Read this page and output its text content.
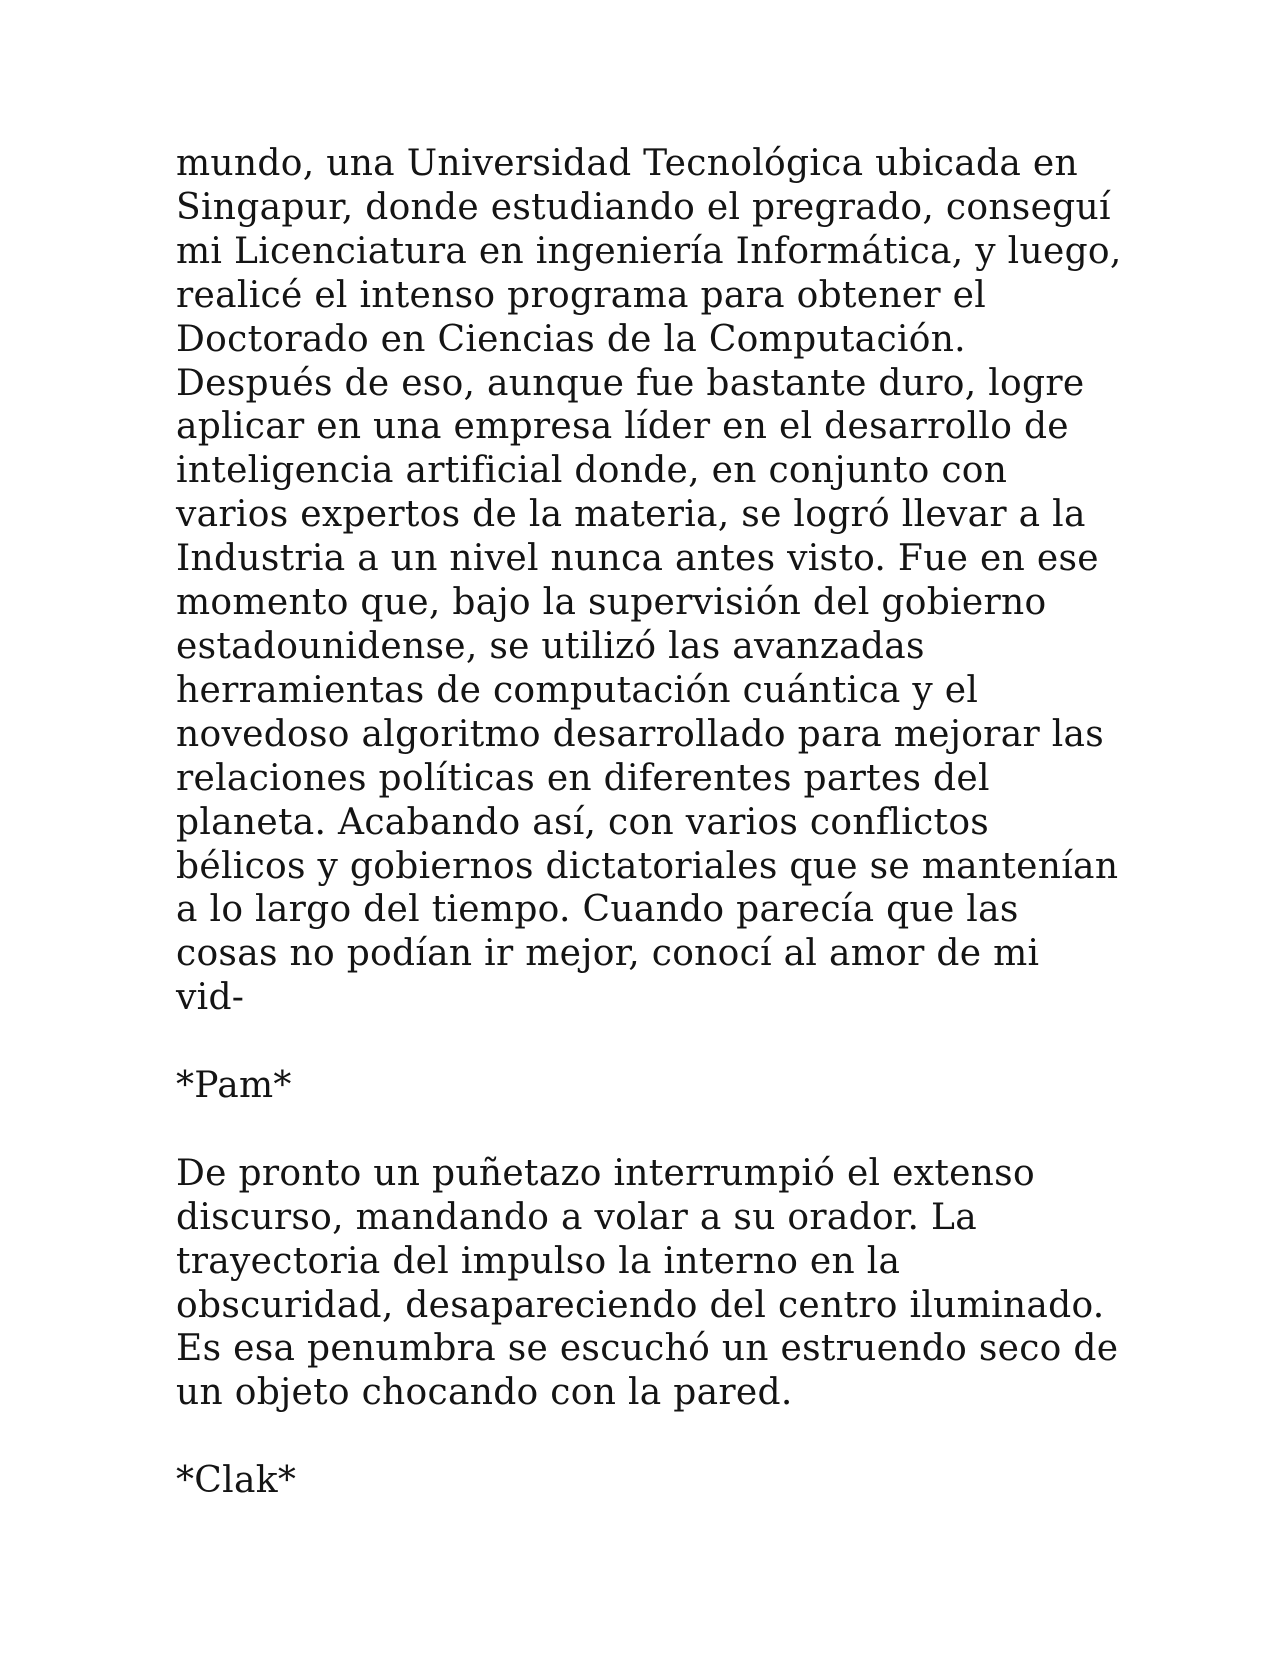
mundo, una Universidad Tecnológica ubicada en
Singapur, donde estudiando el pregrado, conseguí
mi Licenciatura en ingeniería Informática, y luego,
realicé el intenso programa para obtener el
Doctorado en Ciencias de la Computación.
Después de eso, aunque fue bastante duro, logre
aplicar en una empresa líder en el desarrollo de
inteligencia artificial donde, en conjunto con
varios expertos de la materia, se logró llevar a la
Industria a un nivel nunca antes visto. Fue en ese
momento que, bajo la supervisión del gobierno
estadounidense, se utilizó las avanzadas
herramientas de computación cuántica y el
novedoso algoritmo desarrollado para mejorar las
relaciones políticas en diferentes partes del
planeta. Acabando así, con varios conflictos
bélicos y gobiernos dictatoriales que se mantenían
a lo largo del tiempo. Cuando parecía que las
cosas no podían ir mejor, conocí al amor de mi
vid-

*Pam*

De pronto un puñetazo interrumpió el extenso
discurso, mandando a volar a su orador. La
trayectoria del impulso la interno en la
obscuridad, desapareciendo del centro iluminado.
Es esa penumbra se escuchó un estruendo seco de
un objeto chocando con la pared.

*Clak*
